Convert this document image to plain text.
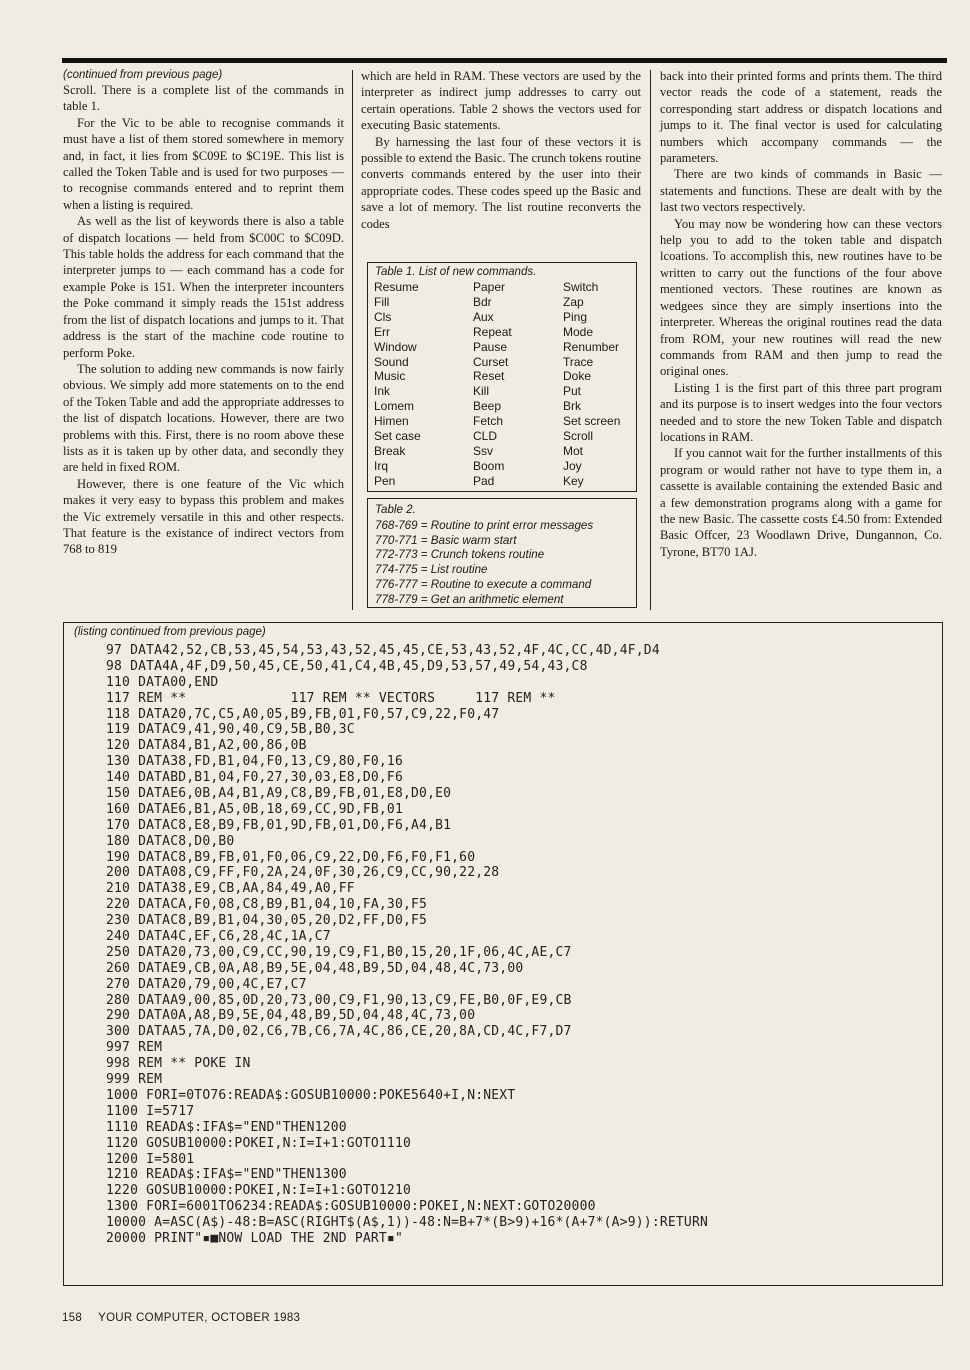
(continued from previous page)

Scroll. There is a complete list of the commands in table 1.

For the Vic to be able to recognise commands it must have a list of them stored somewhere in memory and, in fact, it lies from $C09E to $C19E. This list is called the Token Table and is used for two purposes — to recognise commands entered and to reprint them when a listing is required.

As well as the list of keywords there is also a table of dispatch locations — held from $C00C to $C09D. This table holds the address for each command that the interpreter jumps to — each command has a code for example Poke is 151. When the interpreter incounters the Poke command it simply reads the 151st address from the list of dispatch locations and jumps to it. That address is the start of the machine code routine to perform Poke.

The solution to adding new commands is now fairly obvious. We simply add more statements on to the end of the Token Table and add the appropriate addresses to the list of dispatch locations. However, there are two problems with this. First, there is no room above these lists as it is taken up by other data, and secondly they are held in fixed ROM.

However, there is one feature of the Vic which makes it very easy to bypass this problem and makes the Vic extremely versatile in this and other respects. That feature is the existance of indirect vectors from 768 to 819

which are held in RAM. These vectors are used by the interpreter as indirect jump addresses to carry out certain operations. Table 2 shows the vectors used for executing Basic statements.

By harnessing the last four of these vectors it is possible to extend the Basic. The crunch tokens routine converts commands entered by the user into their appropriate codes. These codes speed up the Basic and save a lot of memory. The list routine reconverts the codes

Table 1. List of new commands.
Resume	Paper	Switch
Fill	Bdr	Zap
Cls	Aux	Ping
Err	Repeat	Mode
Window	Pause	Renumber
Sound	Curset	Trace
Music	Reset	Doke
Ink	Kill	Put
Lomem	Beep	Brk
Himen	Fetch	Set screen
Set case	CLD	Scroll
Break	Ssv	Mot
Irq	Boom	Joy
Pen	Pad	Key
Table 2.
768-769 = Routine to print error messages
770-771 = Basic warm start
772-773 = Crunch tokens routine
774-775 = List routine
776-777 = Routine to execute a command
778-779 = Get an arithmetic element

back into their printed forms and prints them. The third vector reads the code of a statement, reads the corresponding start address or dispatch locations and jumps to it. The final vector is used for calculating numbers which accompany commands — the parameters.

There are two kinds of commands in Basic — statements and functions. These are dealt with by the last two vectors respectively.

You may now be wondering how can these vectors help you to add to the token table and dispatch lcoations. To accomplish this, new routines have to be written to carry out the functions of the four above mentioned vectors. These routines are known as wedgees since they are simply insertions into the interpreter. Whereas the original routines read the data from ROM, your new routines will read the new commands from RAM and then jump to read the original ones.

Listing 1 is the first part of this three part program and its purpose is to insert wedges into the four vectors needed and to store the new Token Table and dispatch locations in RAM.

If you cannot wait for the further installments of this program or would rather not have to type them in, a cassette is available containing the extended Basic and a few demonstration programs along with a game for the new Basic. The cassette costs £4.50 from: Extended Basic Offcer, 23 Woodlawn Drive, Dungannon, Co. Tyrone, BT70 1AJ.

(listing continued from previous page)
97 DATA42,52,CB,53,45,54,53,43,52,45,45,CE,53,43,52,4F,4C,CC,4D,4F,D4
98 DATA4A,4F,D9,50,45,CE,50,41,C4,4B,45,D9,53,57,49,54,43,C8
110 DATA00,END
117 REM **             117 REM ** VECTORS     117 REM **
118 DATA20,7C,C5,A0,05,B9,FB,01,F0,57,C9,22,F0,47
119 DATAC9,41,90,40,C9,5B,B0,3C
120 DATA84,B1,A2,00,86,0B
130 DATA38,FD,B1,04,F0,13,C9,80,F0,16
140 DATABD,B1,04,F0,27,30,03,E8,D0,F6
150 DATAE6,0B,A4,B1,A9,C8,B9,FB,01,E8,D0,E0
160 DATAE6,B1,A5,0B,18,69,CC,9D,FB,01
170 DATAC8,E8,B9,FB,01,9D,FB,01,D0,F6,A4,B1
180 DATAC8,D0,B0
190 DATAC8,B9,FB,01,F0,06,C9,22,D0,F6,F0,F1,60
200 DATA08,C9,FF,F0,2A,24,0F,30,26,C9,CC,90,22,28
210 DATA38,E9,CB,AA,84,49,A0,FF
220 DATACA,F0,08,C8,B9,B1,04,10,FA,30,F5
230 DATAC8,B9,B1,04,30,05,20,D2,FF,D0,F5
240 DATA4C,EF,C6,28,4C,1A,C7
250 DATA20,73,00,C9,CC,90,19,C9,F1,B0,15,20,1F,06,4C,AE,C7
260 DATAE9,CB,0A,A8,B9,5E,04,48,B9,5D,04,48,4C,73,00
270 DATA20,79,00,4C,E7,C7
280 DATAA9,00,85,0D,20,73,00,C9,F1,90,13,C9,FE,B0,0F,E9,CB
290 DATA0A,A8,B9,5E,04,48,B9,5D,04,48,4C,73,00
300 DATAA5,7A,D0,02,C6,7B,C6,7A,4C,86,CE,20,8A,CD,4C,F7,D7
997 REM
998 REM ** POKE IN
999 REM
1000 FORI=0TO76:READA$:GOSUB10000:POKE5640+I,N:NEXT
1100 I=5717
1110 READA$:IFA$="END"THEN1200
1120 GOSUB10000:POKEI,N:I=I+1:GOTO1110
1200 I=5801
1210 READA$:IFA$="END"THEN1300
1220 GOSUB10000:POKEI,N:I=I+1:GOTO1210
1300 FORI=6001TO6234:READA$:GOSUB10000:POKEI,N:NEXT:GOTO20000
10000 A=ASC(A$)-48:B=ASC(RIGHT$(A$,1))-48:N=B+7*(B>9)+16*(A+7*(A>9)):RETURN
20000 PRINT"▪■NOW LOAD THE 2ND PART▪"
158 YOUR COMPUTER, OCTOBER 1983
